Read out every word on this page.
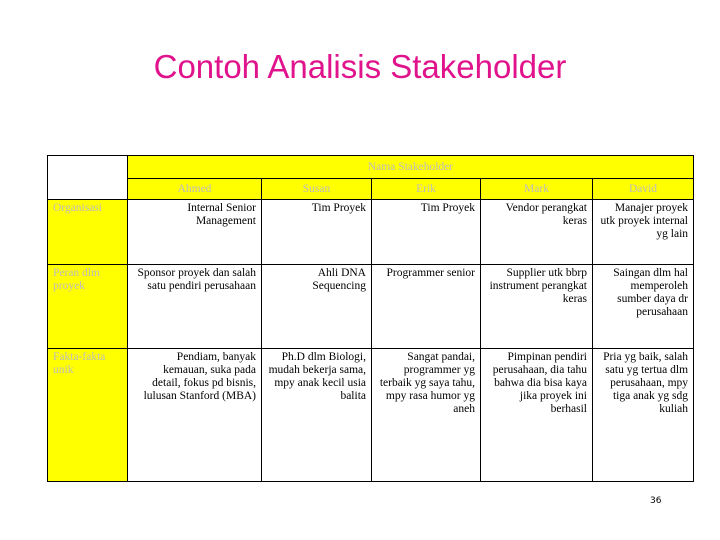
Contoh Analisis Stakeholder
	Nama Stakeholder				
	Ahmed	Susan	Erik	Mark	David
Organisasi	Internal Senior Management	Tim Proyek	Tim Proyek	Vendor perangkat keras	Manajer proyek utk proyek internal yg lain
Peran dlm proyek	Sponsor proyek dan salah satu pendiri perusahaan	Ahli DNA Sequencing	Programmer senior	Supplier utk bbrp instrument perangkat keras	Saingan dlm hal memperoleh sumber daya dr perusahaan
Fakta-fakta unik	Pendiam, banyak kemauan, suka pada detail, fokus pd bisnis, lulusan Stanford (MBA)	Ph.D dlm Biologi, mudah bekerja sama, mpy anak kecil usia balita	Sangat pandai, programmer yg terbaik yg saya tahu, mpy rasa humor yg aneh	Pimpinan pendiri perusahaan, dia tahu bahwa dia bisa kaya jika proyek ini berhasil	Pria yg baik, salah satu yg tertua dlm perusahaan, mpy tiga anak yg sdg kuliah
36
